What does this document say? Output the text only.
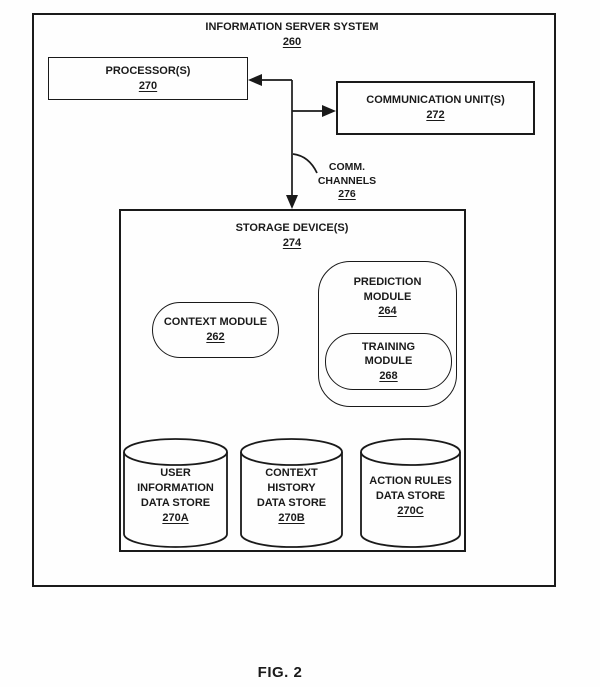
INFORMATION SERVER SYSTEM
260
PROCESSOR(S)
270
COMMUNICATION UNIT(S)
272
COMM.
CHANNELS
276
STORAGE DEVICE(S)
274
CONTEXT MODULE
262
PREDICTION
MODULE
264
TRAINING
MODULE
268
USER
INFORMATION
DATA STORE
270A
CONTEXT
HISTORY
DATA STORE
270B
ACTION RULES
DATA STORE
270C
FIG. 2
